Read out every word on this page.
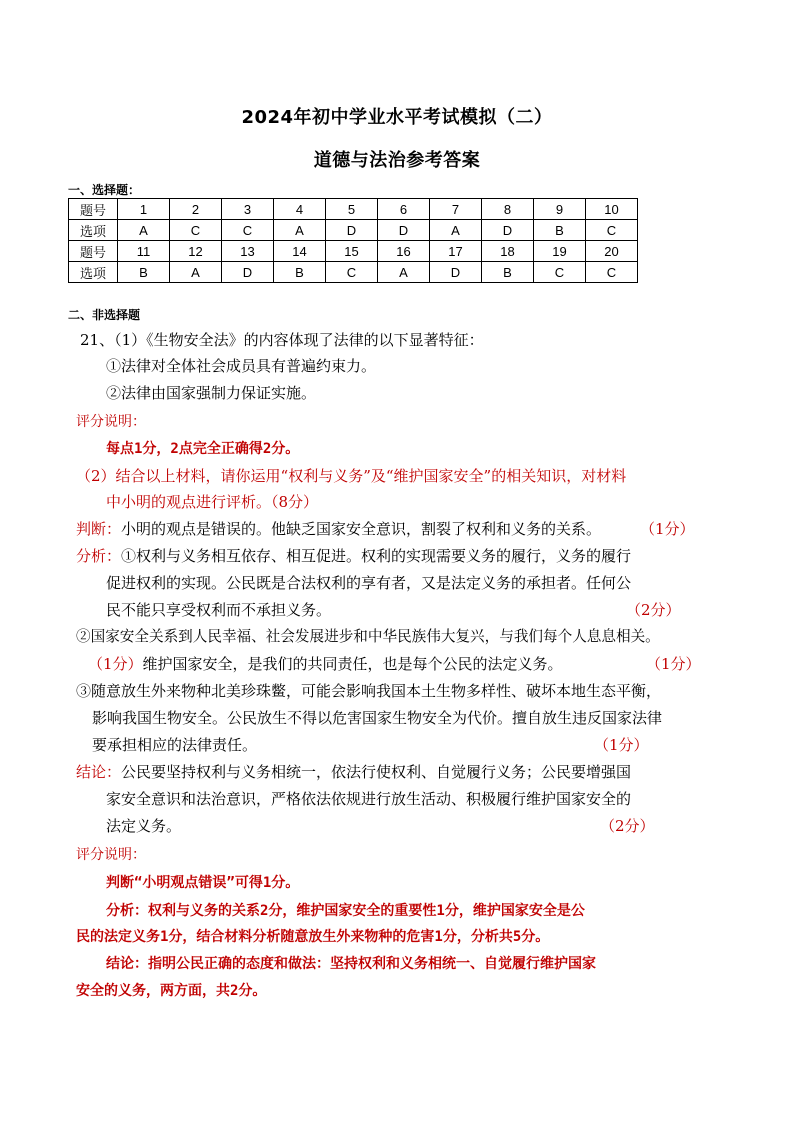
2024年初中学业水平考试模拟（二）
道德与法治参考答案
一、选择题：
题号	1	2	3	4	5	6	7	8	9	10
选项	A	C	C	A	D	D	A	D	B	C
题号	11	12	13	14	15	16	17	18	19	20
选项	B	A	D	B	C	A	D	B	C	C
二、非选择题
21、（1）《生物安全法》的内容体现了法律的以下显著特征：
①法律对全体社会成员具有普遍约束力。
②法律由国家强制力保证实施。
评分说明：
每点1分，2点完全正确得2分。
（2）结合以上材料，请你运用“权利与义务”及“维护国家安全”的相关知识，对材料
中小明的观点进行评析。（8分）
判断：小明的观点是错误的。他缺乏国家安全意识，割裂了权利和义务的关系。	（1分）
分析：①权利与义务相互依存、相互促进。权利的实现需要义务的履行，义务的履行
促进权利的实现。公民既是合法权利的享有者，又是法定义务的承担者。任何公
民不能只享受权利而不承担义务。	（2分）
②国家安全关系到人民幸福、社会发展进步和中华民族伟大复兴，与我们每个人息息相关。
（1分）维护国家安全，是我们的共同责任，也是每个公民的法定义务。	（1分）
③随意放生外来物种北美珍珠鳖，可能会影响我国本土生物多样性、破坏本地生态平衡，
影响我国生物安全。公民放生不得以危害国家生物安全为代价。擅自放生违反国家法律
要承担相应的法律责任。	（1分）
结论：公民要坚持权利与义务相统一，依法行使权利、自觉履行义务；公民要增强国
家安全意识和法治意识，严格依法依规进行放生活动、积极履行维护国家安全的
法定义务。	（2分）
评分说明：
判断“小明观点错误”可得1分。
分析：权利与义务的关系2分，维护国家安全的重要性1分，维护国家安全是公
民的法定义务1分，结合材料分析随意放生外来物种的危害1分，分析共5分。
结论：指明公民正确的态度和做法：坚持权利和义务相统一、自觉履行维护国家
安全的义务，两方面，共2分。
